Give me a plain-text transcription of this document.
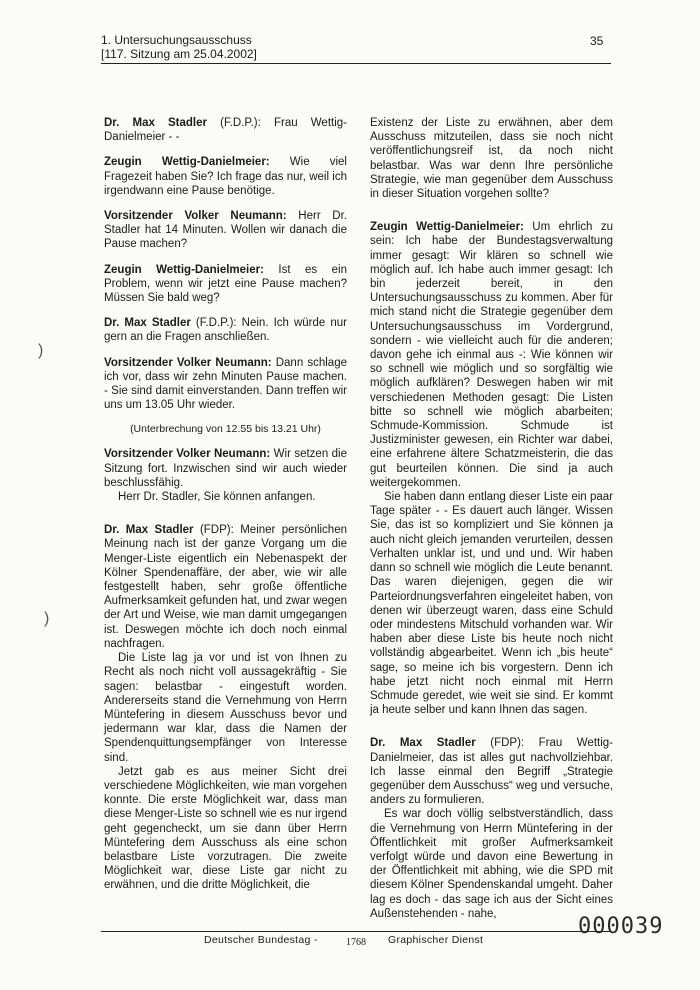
1. Untersuchungsausschuss
[117. Sitzung am 25.04.2002]
35

Dr. Max Stadler (F.D.P.): Frau Wettig-Danielmeier - -

Zeugin Wettig-Danielmeier: Wie viel Fragezeit haben Sie? Ich frage das nur, weil ich irgendwann eine Pause benötige.

Vorsitzender Volker Neumann: Herr Dr. Stadler hat 14 Minuten. Wollen wir danach die Pause machen?

Zeugin Wettig-Danielmeier: Ist es ein Problem, wenn wir jetzt eine Pause machen? Müssen Sie bald weg?

Dr. Max Stadler (F.D.P.): Nein. Ich würde nur gern an die Fragen anschließen.

Vorsitzender Volker Neumann: Dann schlage ich vor, dass wir zehn Minuten Pause machen. - Sie sind damit einverstanden. Dann treffen wir uns um 13.05 Uhr wieder.

(Unterbrechung von 12.55 bis 13.21 Uhr)

Vorsitzender Volker Neumann: Wir setzen die Sitzung fort. Inzwischen sind wir auch wieder beschlussfähig.

Herr Dr. Stadler, Sie können anfangen.

Dr. Max Stadler (FDP): Meiner persönlichen Meinung nach ist der ganze Vorgang um die Menger-Liste eigentlich ein Nebenaspekt der Kölner Spendenaffäre, der aber, wie wir alle festgestellt haben, sehr große öffentliche Aufmerksamkeit gefunden hat, und zwar wegen der Art und Weise, wie man damit umgegangen ist. Deswegen möchte ich doch noch einmal nachfragen.

Die Liste lag ja vor und ist von Ihnen zu Recht als noch nicht voll aussagekräftig - Sie sagen: belastbar - eingestuft worden. Andererseits stand die Vernehmung von Herrn Müntefering in diesem Ausschuss bevor und jedermann war klar, dass die Namen der Spendenquittungsempfänger von Interesse sind.

Jetzt gab es aus meiner Sicht drei verschiedene Möglichkeiten, wie man vorgehen konnte. Die erste Möglichkeit war, dass man diese Menger-Liste so schnell wie es nur irgend geht gegencheckt, um sie dann über Herrn Müntefering dem Ausschuss als eine schon belastbare Liste vorzutragen. Die zweite Möglichkeit war, diese Liste gar nicht zu erwähnen, und die dritte Möglichkeit, die

Existenz der Liste zu erwähnen, aber dem Ausschuss mitzuteilen, dass sie noch nicht veröffentlichungsreif ist, da noch nicht belastbar. Was war denn Ihre persönliche Strategie, wie man gegenüber dem Ausschuss in dieser Situation vorgehen sollte?

Zeugin Wettig-Danielmeier: Um ehrlich zu sein: Ich habe der Bundestagsverwaltung immer gesagt: Wir klären so schnell wie möglich auf. Ich habe auch immer gesagt: Ich bin jederzeit bereit, in den Untersuchungsausschuss zu kommen. Aber für mich stand nicht die Strategie gegenüber dem Untersuchungsausschuss im Vordergrund, sondern - wie vielleicht auch für die anderen; davon gehe ich einmal aus -: Wie können wir so schnell wie möglich und so sorgfältig wie möglich aufklären? Deswegen haben wir mit verschiedenen Methoden gesagt: Die Listen bitte so schnell wie möglich abarbeiten; Schmude-Kommission. Schmude ist Justizminister gewesen, ein Richter war dabei, eine erfahrene ältere Schatzmeisterin, die das gut beurteilen können. Die sind ja auch weitergekommen.

Sie haben dann entlang dieser Liste ein paar Tage später - - Es dauert auch länger. Wissen Sie, das ist so kompliziert und Sie können ja auch nicht gleich jemanden verurteilen, dessen Verhalten unklar ist, und und und. Wir haben dann so schnell wie möglich die Leute benannt. Das waren diejenigen, gegen die wir Parteiordnungsverfahren eingeleitet haben, von denen wir überzeugt waren, dass eine Schuld oder mindestens Mitschuld vorhanden war. Wir haben aber diese Liste bis heute noch nicht vollständig abgearbeitet. Wenn ich „bis heute“ sage, so meine ich bis vorgestern. Denn ich habe jetzt nicht noch einmal mit Herrn Schmude geredet, wie weit sie sind. Er kommt ja heute selber und kann Ihnen das sagen.

Dr. Max Stadler (FDP): Frau Wettig-Danielmeier, das ist alles gut nachvollziehbar. Ich lasse einmal den Begriff „Strategie gegenüber dem Ausschuss“ weg und versuche, anders zu formulieren.

Es war doch völlig selbstverständlich, dass die Vernehmung von Herrn Müntefering in der Öffentlichkeit mit großer Aufmerksamkeit verfolgt würde und davon eine Bewertung in der Öffentlichkeit mit abhing, wie die SPD mit diesem Kölner Spendenskandal umgeht. Daher lag es doch - das sage ich aus der Sicht eines Außenstehenden - nahe,

)
)
Deutscher Bundestag -	1768 Graphischer Dienst
000039
